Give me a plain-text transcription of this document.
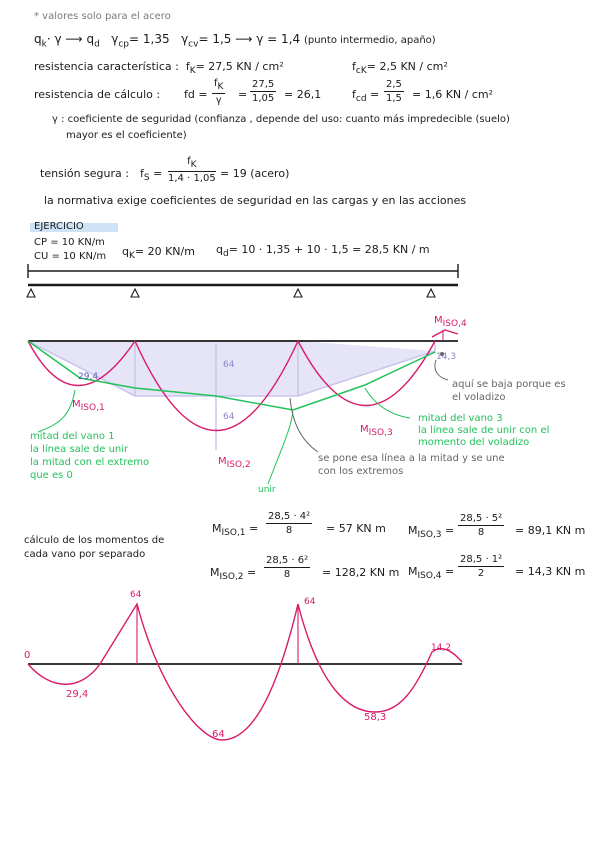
* valores solo para el acero
$q_k\cdot \gamma$ ⟶ $q_d$ $\gamma_{cp}= 1,35$ $\gamma_{cv}= 1,5$ ⟶ γ = 1,4 (punto intermedio, apaño)
resistencia característica : $f_K= 27,5$ KN / cm²	$f_{cK}= 2,5$ KN / cm²
resistencia de cálculo : fd = $\frac{f_K}{\gamma} = \frac{27,5}{1,05} = 26,1$	$f_{cd} = \frac{2,5}{1,5} = 1,6$ KN / cm²
γ : coeficiente de seguridad (confianza , depende del uso: cuanto más impredecible (suelo)
mayor es el coeficiente)
tensión segura : $f_S = \frac{f_K}{1,4 \cdot 1,05} = 19$ (acero)
la normativa exige coeficientes de seguridad en las cargas y en las acciones
EJERCICIO
CP = 10 KN/m
CU = 10 KN/m $q_K= 20$ KN/m $q_d= 10 \cdot 1,35 + 10 \cdot 1,5 = 28,5$ KN / m
29,4
64
64
14,3
$M_{ISO,1}$
$M_{ISO,2}$
$M_{ISO,3}$
$M_{ISO,4}$
aquí se baja porque es
el voladizo
mitad del vano 3
la línea sale de unir con el
momento del voladizo
mitad del vano 1
la línea sale de unir
la mitad con el extremo
que es 0
unir
se pone esa línea a la mitad y se une
con los extremos
cálculo de los momentos de
cada vano por separado
$M_{ISO,1} = \frac{\text{28,5 · 4²}}{8} = 57$ KN m $M_{ISO,3} = \frac{\text{28,5 · 5²}}{8} = 89,1$ KN m
$M_{ISO,2} = \frac{\text{28,5 · 6²}}{8} = 128,2$ KN m $M_{ISO,4} = \frac{\text{28,5 · 1²}}{2} = 14,3$ KN m
0
64
64
14,2
29,4
64
58,3
